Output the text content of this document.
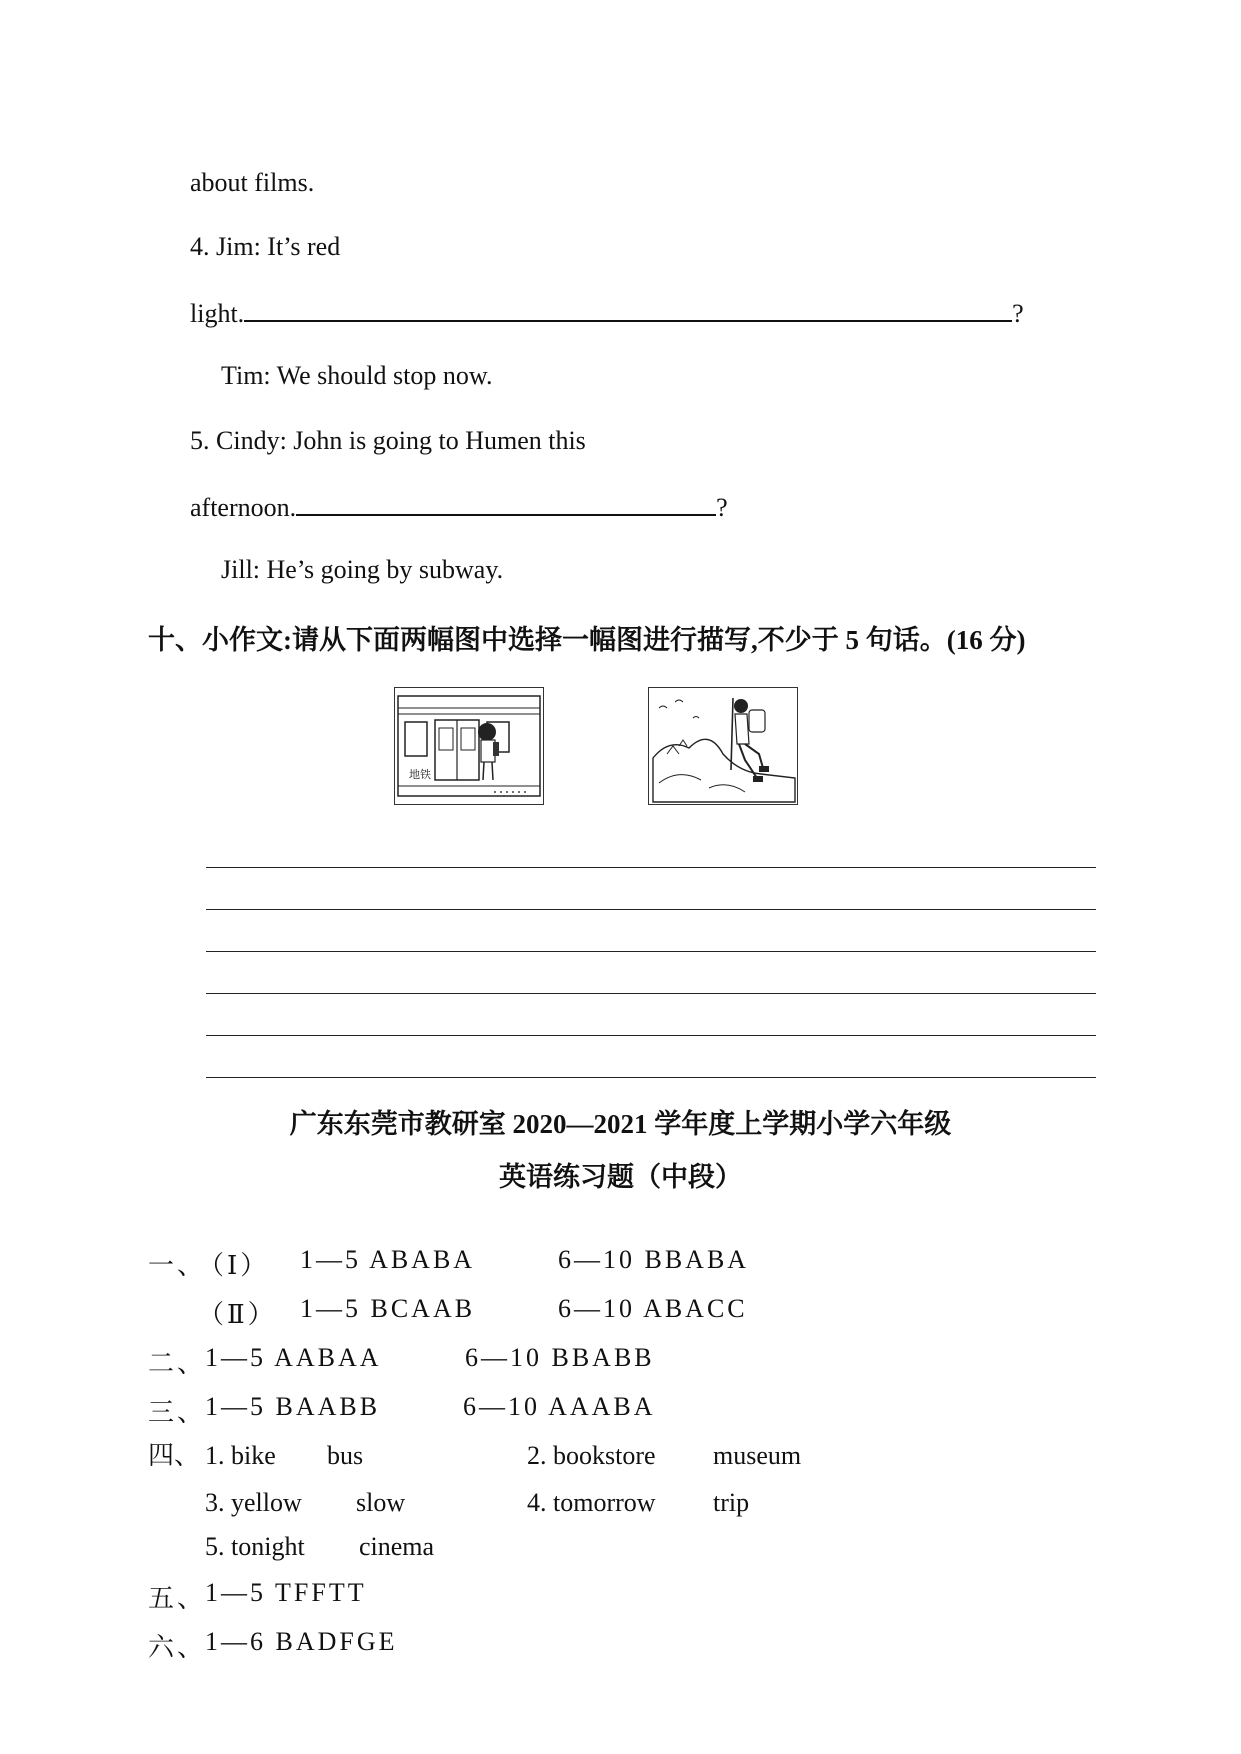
about films.
4. Jim: It’s red
light.	?
Tim: We should stop now.
5. Cindy: John is going to Humen this
afternoon.	?
Jill: He’s going by subway.
十、小作文:请从下面两幅图中选择一幅图进行描写,不少于 5 句话。(16 分)
地铁
广东东莞市教研室 2020—2021 学年度上学期小学六年级
英语练习题（中段）
一、
（Ⅰ） 1—5 ABABA	6—10 BBABA
（Ⅱ） 1—5 BCAAB	6—10 ABACC
二、
1—5 AABAA	6—10 BBABB
三、
1—5 BAABB	6—10 AAABA
四、 1. bike bus	2. bookstore museum
3. yellow slow	4. tomorrow trip
5. tonight cinema
五、
1—5 TFFTT
六、
1—6 BADFGE
